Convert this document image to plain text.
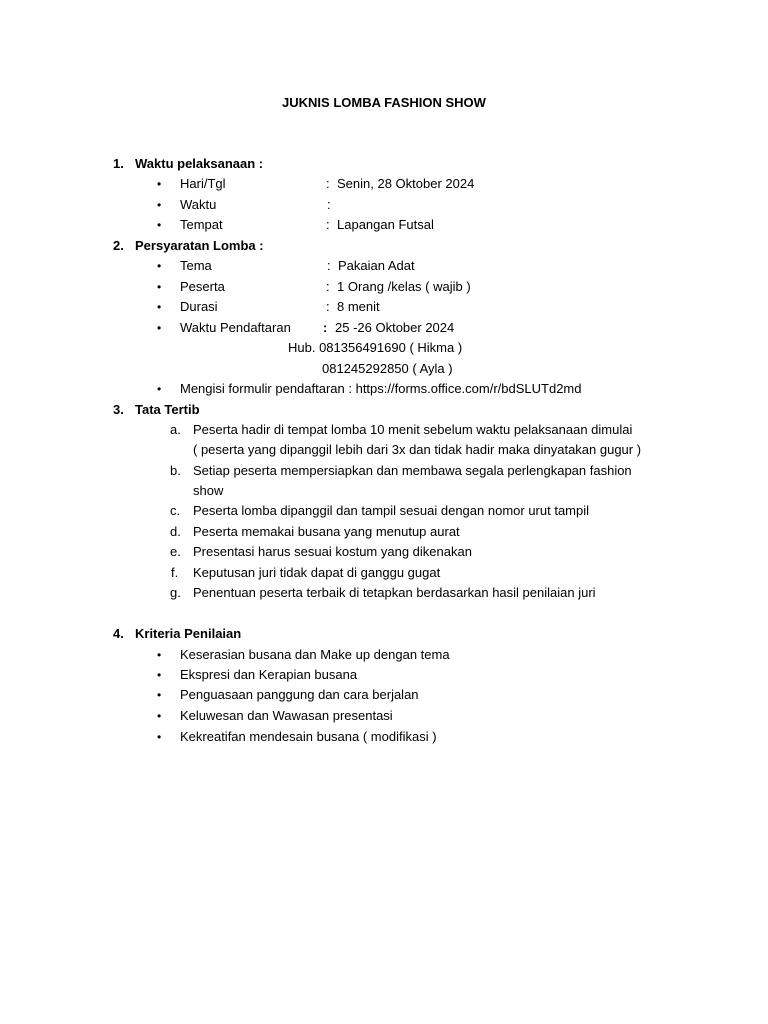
JUKNIS LOMBA FASHION SHOW
1. Waktu pelaksanaan :
• Hari/Tgl	: Senin, 28 Oktober 2024
• Waktu	:
• Tempat	: Lapangan Futsal
2. Persyaratan Lomba :
• Tema	: Pakaian Adat
• Peserta	: 1 Orang /kelas ( wajib )
• Durasi	: 8 menit
• Waktu Pendaftaran : 25 -26 Oktober 2024
Hub. 081356491690 ( Hikma )
081245292850 ( Ayla )
• Mengisi formulir pendaftaran : https://forms.office.com/r/bdSLUTd2md
3. Tata Tertib
a. Peserta hadir di tempat lomba 10 menit sebelum waktu pelaksanaan dimulai
( peserta yang dipanggil lebih dari 3x dan tidak hadir maka dinyatakan gugur )
b. Setiap peserta mempersiapkan dan membawa segala perlengkapan fashion
show
c. Peserta lomba dipanggil dan tampil sesuai dengan nomor urut tampil
d. Peserta memakai busana yang menutup aurat
e. Presentasi harus sesuai kostum yang dikenakan
f. Keputusan juri tidak dapat di ganggu gugat
g. Penentuan peserta terbaik di tetapkan berdasarkan hasil penilaian juri
4. Kriteria Penilaian
• Keserasian busana dan Make up dengan tema
• Ekspresi dan Kerapian busana
• Penguasaan panggung dan cara berjalan
• Keluwesan dan Wawasan presentasi
• Kekreatifan mendesain busana ( modifikasi )
